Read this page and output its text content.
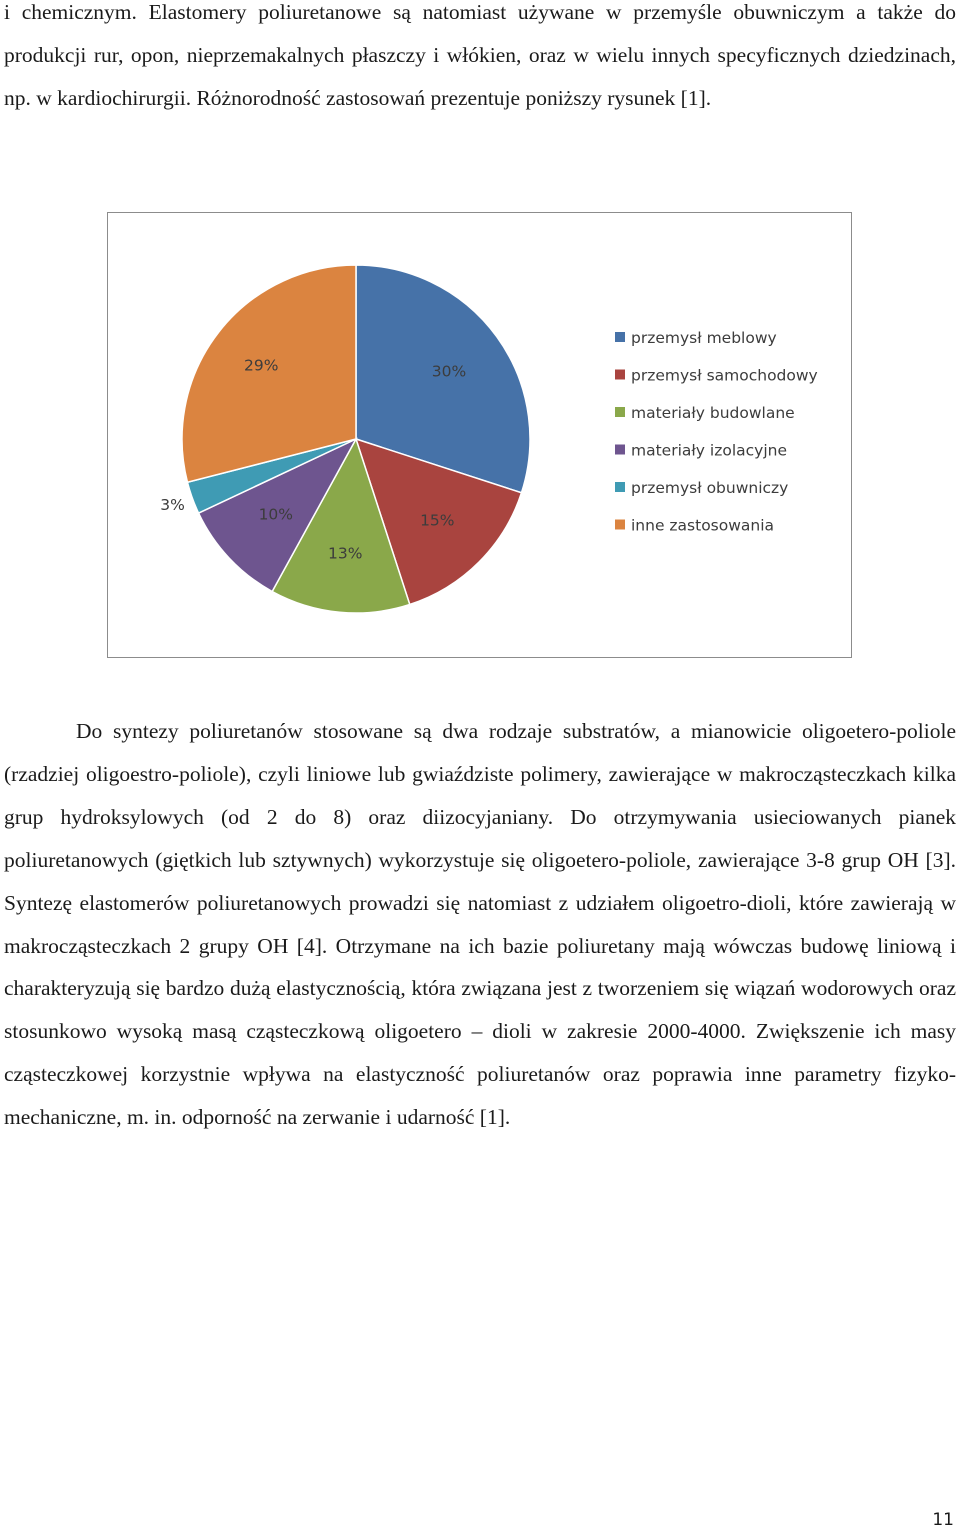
i chemicznym. Elastomery poliuretanowe są natomiast używane w przemyśle obuwniczym a także do produkcji rur, opon, nieprzemakalnych płaszczy i włókien, oraz w wielu innych specyficznych dziedzinach, np. w kardiochirurgii. Różnorodność zastosowań prezentuje poniższy rysunek [1].

30%
15%
13%
10%
3%
29%
przemysł meblowy
przemysł samochodowy
materiały budowlane
materiały izolacyjne
przemysł obuwniczy
inne zastosowania

Do syntezy poliuretanów stosowane są dwa rodzaje substratów, a mianowicie oligoetero-poliole (rzadziej oligoestro-poliole), czyli liniowe lub gwiaździste polimery, zawierające w makrocząsteczkach kilka grup hydroksylowych (od 2 do 8) oraz diizocyjaniany. Do otrzymywania usieciowanych pianek poliuretanowych (giętkich lub sztywnych) wykorzystuje się oligoetero-poliole, zawierające 3-8 grup OH [3]. Syntezę elastomerów poliuretanowych prowadzi się natomiast z udziałem oligoetro-dioli, które zawierają w makrocząsteczkach 2 grupy OH [4]. Otrzymane na ich bazie poliuretany mają wówczas budowę liniową i charakteryzują się bardzo dużą elastycznością, która związana jest z tworzeniem się wiązań wodorowych oraz stosunkowo wysoką masą cząsteczkową oligoetero – dioli w zakresie 2000-4000. Zwiększenie ich masy cząsteczkowej korzystnie wpływa na elastyczność poliuretanów oraz poprawia inne parametry fizyko-mechaniczne, m. in. odporność na zerwanie i udarność [1].

11
